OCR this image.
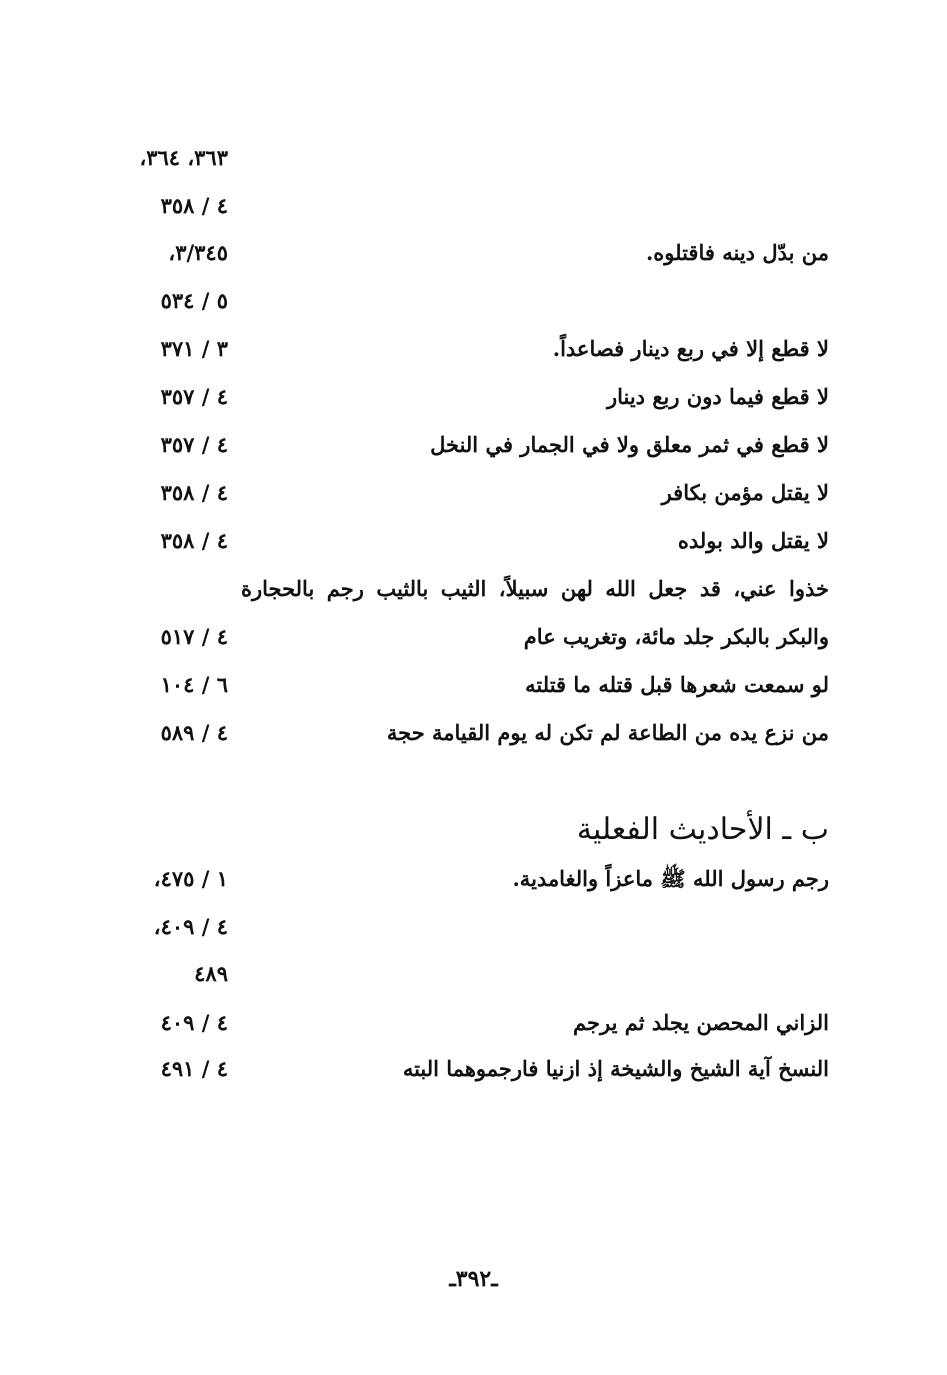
٣٦٣، ٣٦٤،
٤ / ٣٥٨
من بدّل دينه فاقتلوه.
٣/٣٤٥،
٥ / ٥٣٤
لا قطع إلا في ربع دينار فصاعداً.
٣ / ٣٧١
لا قطع فيما دون ربع دينار
٤ / ٣٥٧
لا قطع في ثمر معلق ولا في الجمار في النخل
٤ / ٣٥٧
لا يقتل مؤمن بكافر
٤ / ٣٥٨
لا يقتل والد بولده
٤ / ٣٥٨
خذوا عني، قد جعل الله لهن سبيلاً، الثيب بالثيب رجم بالحجارة
والبكر بالبكر جلد مائة، وتغريب عام
٤ / ٥١٧
لو سمعت شعرها قبل قتله ما قتلته
٦ / ١٠٤
من نزع يده من الطاعة لم تكن له يوم القيامة حجة
٤ / ٥٨٩
ب ـ الأحاديث الفعلية
رجم رسول الله ﷺ ماعزاً والغامدية.
١ / ٤٧٥،
٤ / ٤٠٩،
٤٨٩
الزاني المحصن يجلد ثم يرجم
٤ / ٤٠٩
النسخ آية الشيخ والشيخة إذ ازنيا فارجموهما البته
٤ / ٤٩١
ـ٣٩٢ـ
